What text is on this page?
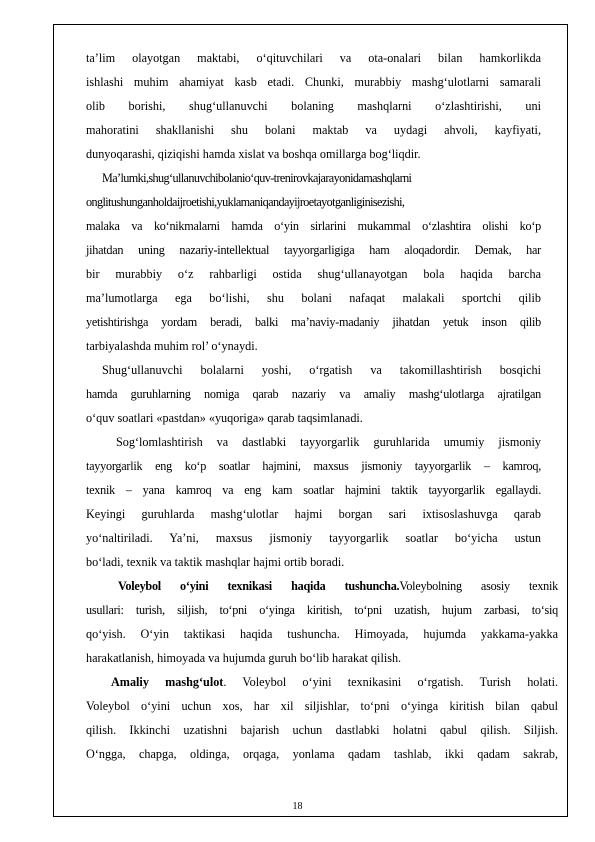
ta’lim olayotgan maktabi, o‘qituvchilari va ota-onalari bilan hamkorlikda
ishlashi muhim ahamiyat kasb etadi. Chunki, murabbiy mashg‘ulotlarni samarali
olib borishi, shug‘ullanuvchi bolaning mashqlarni o‘zlashtirishi, uni
mahoratini shakllanishi shu bolani maktab va uydagi ahvoli, kayfiyati,
dunyoqarashi, qiziqishi hamda xislat va boshqa omillarga bog‘liqdir.
Ma’lumki,shug‘ullanuvchibolanio‘quv-trenirovkajarayonidamashqlarni
onglitushunganholdaijroetishi,yuklamaniqandayijroetayotganliginisezishi,
malaka va ko‘nikmalarni hamda o‘yin sirlarini mukammal o‘zlashtira olishi ko‘p
jihatdan uning nazariy-intellektual tayyorgarligiga ham aloqadordir. Demak, har
bir murabbiy o‘z rahbarligi ostida shug‘ullanayotgan bola haqida barcha
ma’lumotlarga ega bo‘lishi, shu bolani nafaqat malakali sportchi qilib
yetishtirishga yordam beradi, balki ma’naviy-madaniy jihatdan yetuk inson qilib
tarbiyalashda muhim rol’ o‘ynaydi.
Shug‘ullanuvchi bolalarni yoshi, o‘rgatish va takomillashtirish bosqichi
hamda guruhlarning nomiga qarab nazariy va amaliy mashg‘ulotlarga ajratilgan
o‘quv soatlari «pastdan» «yuqoriga» qarab taqsimlanadi.
Sog‘lomlashtirish va dastlabki tayyorgarlik guruhlarida umumiy jismoniy
tayyorgarlik eng ko‘p soatlar hajmini, maxsus jismoniy tayyorgarlik – kamroq,
texnik – yana kamroq va eng kam soatlar hajmini taktik tayyorgarlik egallaydi.
Keyingi guruhlarda mashg‘ulotlar hajmi borgan sari ixtisoslashuvga qarab
yo‘naltiriladi. Ya’ni, maxsus jismoniy tayyorgarlik soatlar bo‘yicha ustun
bo‘ladi, texnik va taktik mashqlar hajmi ortib boradi.
Voleybol o‘yini texnikasi haqida tushuncha.Voleybolning asosiy texnik
usullari: turish, siljish, to‘pni o‘yinga kiritish, to‘pni uzatish, hujum zarbasi, to‘siq
qo‘yish. O‘yin taktikasi haqida tushuncha. Himoyada, hujumda yakkama-yakka
harakatlanish, himoyada va hujumda guruh bo‘lib harakat qilish.
Amaliy mashg‘ulot. Voleybol o‘yini texnikasini o‘rgatish. Turish holati.
Voleybol o‘yini uchun xos, har xil siljishlar, to‘pni o‘yinga kiritish bilan qabul
qilish. Ikkinchi uzatishni bajarish uchun dastlabki holatni qabul qilish. Siljish.
O‘ngga, chapga, oldinga, orqaga, yonlama qadam tashlab, ikki qadam sakrab,
18
